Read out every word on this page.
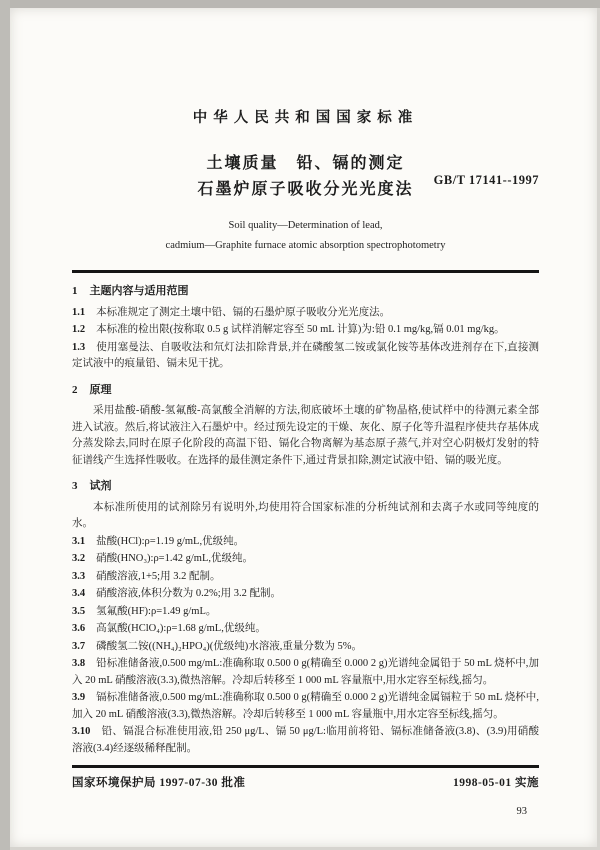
中华人民共和国国家标准
土壤质量　铅、镉的测定
石墨炉原子吸收分光光度法
GB/T 17141--1997
Soil quality—Determination of lead,
cadmium—Graphite furnace atomic absorption spectrophotometry
1 主题内容与适用范围

1.1 本标准规定了测定土壤中铅、镉的石墨炉原子吸收分光光度法。

1.2 本标准的检出限(按称取 0.5 g 试样消解定容至 50 mL 计算)为:铅 0.1 mg/kg,镉 0.01 mg/kg。

1.3 使用塞曼法、自吸收法和氘灯法扣除背景,并在磷酸氢二铵或氯化铵等基体改进剂存在下,直接测定试液中的痕量铅、镉未见干扰。

2 原理

采用盐酸-硝酸-氢氟酸-高氯酸全消解的方法,彻底破坏土壤的矿物晶格,使试样中的待测元素全部进入试液。然后,将试液注入石墨炉中。经过预先设定的干燥、灰化、原子化等升温程序使共存基体成分蒸发除去,同时在原子化阶段的高温下铅、镉化合物离解为基态原子蒸气,并对空心阴极灯发射的特征谱线产生选择性吸收。在选择的最佳测定条件下,通过背景扣除,测定试液中铅、镉的吸光度。

3 试剂

本标准所使用的试剂除另有说明外,均使用符合国家标准的分析纯试剂和去离子水或同等纯度的水。

3.1 盐酸(HCl):ρ=1.19 g/mL,优级纯。

3.2 硝酸(HNO₃):ρ=1.42 g/mL,优级纯。

3.3 硝酸溶液,1+5;用 3.2 配制。

3.4 硝酸溶液,体积分数为 0.2%;用 3.2 配制。

3.5 氢氟酸(HF):ρ=1.49 g/mL。

3.6 高氯酸(HClO₄):ρ=1.68 g/mL,优级纯。

3.7 磷酸氢二铵((NH₄)₂HPO₄)(优级纯)水溶液,重量分数为 5%。

3.8 铅标准储备液,0.500 mg/mL:准确称取 0.500 0 g(精确至 0.000 2 g)光谱纯金属铅于 50 mL 烧杯中,加入 20 mL 硝酸溶液(3.3),微热溶解。冷却后转移至 1 000 mL 容量瓶中,用水定容至标线,摇匀。

3.9 镉标准储备液,0.500 mg/mL:准确称取 0.500 0 g(精确至 0.000 2 g)光谱纯金属镉粒于 50 mL 烧杯中,加入 20 mL 硝酸溶液(3.3),微热溶解。冷却后转移至 1 000 mL 容量瓶中,用水定容至标线,摇匀。

3.10 铅、镉混合标准使用液,铅 250 μg/L、镉 50 μg/L:临用前将铅、镉标准储备液(3.8)、(3.9)用硝酸溶液(3.4)经逐级稀释配制。

国家环境保护局 1997-07-30 批准	1998-05-01 实施
93
